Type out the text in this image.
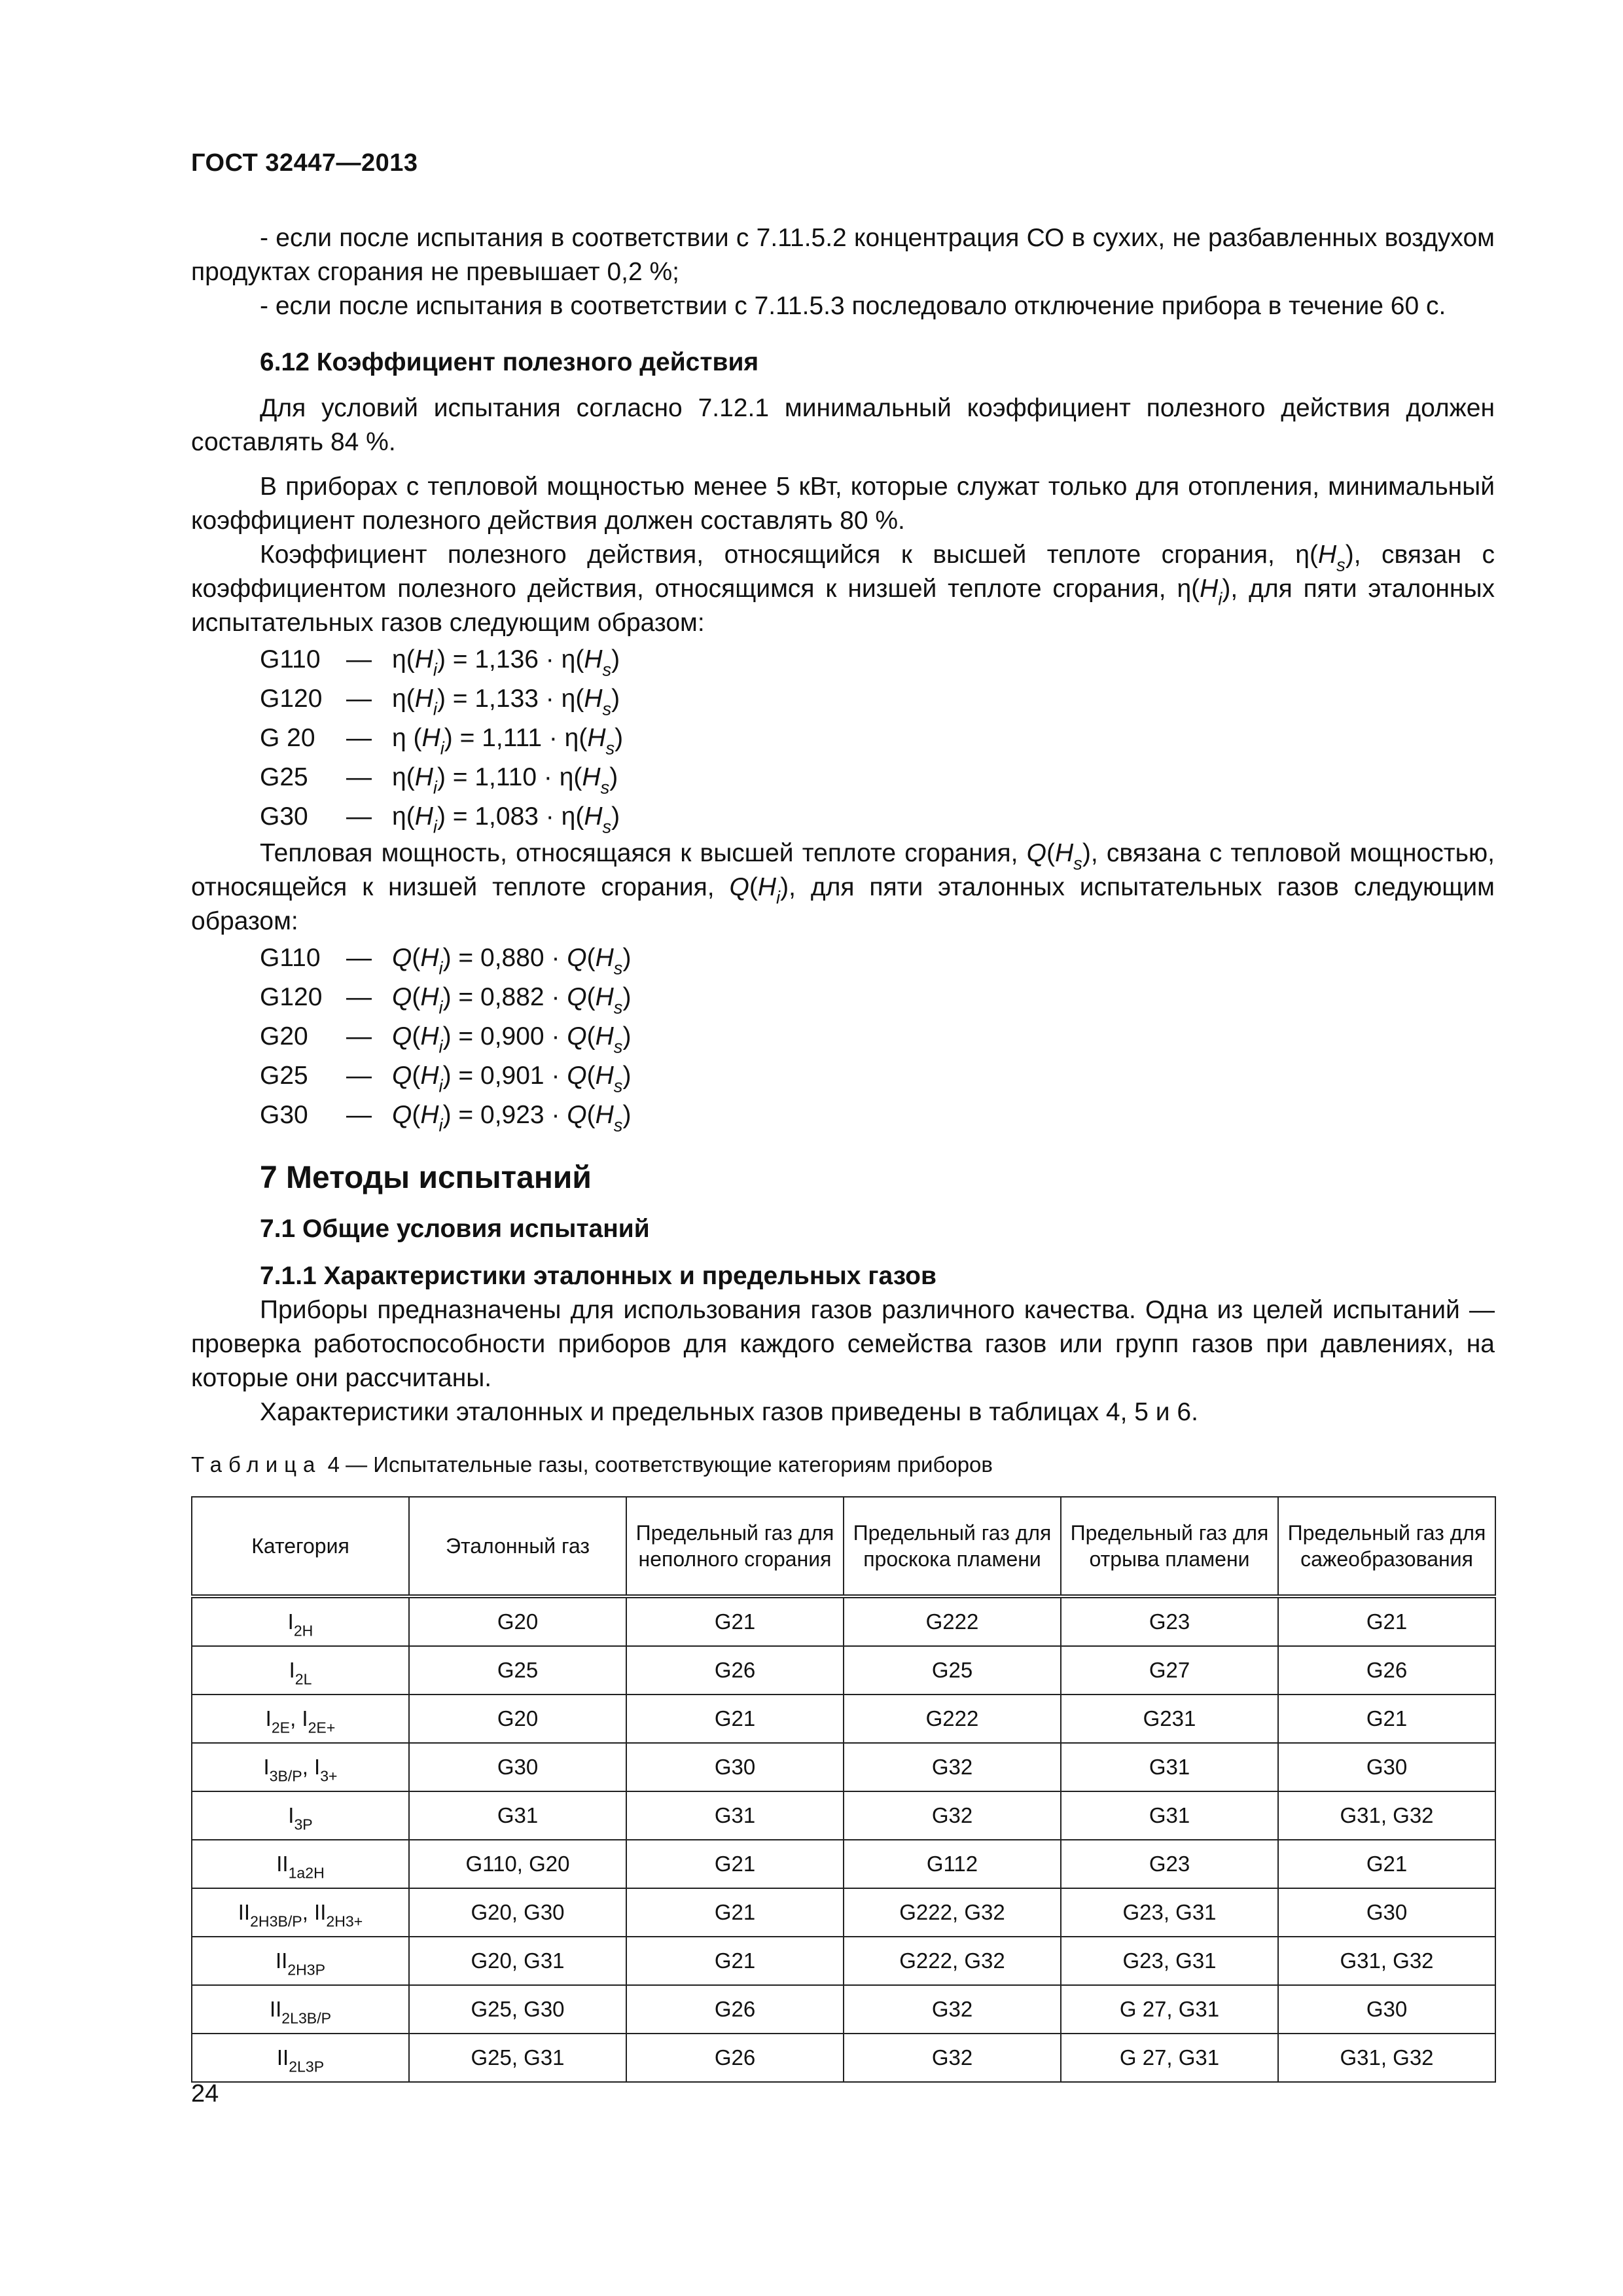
ГОСТ 32447—2013

- если после испытания в соответствии с 7.11.5.2 концентрация СО в сухих, не разбавленных воздухом продуктах сгорания не превышает 0,2 %;

- если после испытания в соответствии с 7.11.5.3 последовало отключение прибора в течение 60 с.

6.12 Коэффициент полезного действия

Для условий испытания согласно 7.12.1 минимальный коэффициент полезного действия должен составлять 84 %.

В приборах с тепловой мощностью менее 5 кВт, которые служат только для отопления, минимальный коэффициент полезного действия должен составлять 80 %.

Коэффициент полезного действия, относящийся к высшей теплоте сгорания, $\eta(H_s)$, связан с коэффициентом полезного действия, относящимся к низшей теплоте сгорания, $\eta(H_i)$, для пяти эталонных испытательных газов следующим образом:

G110	— $\eta(H_i) = 1,136 \cdot \eta(H_s)$
G120 — $\eta(H_i) = 1,133 \cdot \eta(H_s)$
G 20	— η $(H_i) = 1,111 \cdot \eta(H_s)$
G25	— $\eta(H_i) = 1,110 \cdot \eta(H_s)$
G30	— $\eta(H_i) = 1,083 \cdot \eta(H_s)$

Тепловая мощность, относящаяся к высшей теплоте сгорания, $Q(H_s)$, связана с тепловой мощностью, относящейся к низшей теплоте сгорания, $Q(H_i)$, для пяти эталонных испытательных газов следующим образом:

G110	— $Q(H_i) = 0,880 \cdot Q(H_s)$
G120 — $Q(H_i) = 0,882 \cdot Q(H_s)$
G20	— $Q(H_i) = 0,900 \cdot Q(H_s)$
G25	— $Q(H_i) = 0,901 \cdot Q(H_s)$
G30	— $Q(H_i) = 0,923 \cdot Q(H_s)$
7 Методы испытаний
7.1 Общие условия испытаний
7.1.1 Характеристики эталонных и предельных газов

Приборы предназначены для использования газов различного качества. Одна из целей испытаний — проверка работоспособности приборов для каждого семейства газов или групп газов при давлениях, на которые они рассчитаны.

Характеристики эталонных и предельных газов приведены в таблицах 4, 5 и 6.

Таблица 4 — Испытательные газы, соответствующие категориям приборов
Категория	Эталонный газ	Предельный газ для неполного сгорания	Предельный газ для проскока пламени	Предельный газ для отрыва пламени	Предельный газ для сажеобразования
$I_{2H}$	G20	G21	G222	G23	G21
$I_{2L}$	G25	G26	G25	G27	G26
$I_{2E}$, $I_{2E+}$	G20	G21	G222	G231	G21
$I_{3B/P}$, $I_{3+}$	G30	G30	G32	G31	G30
$I_{3P}$	G31	G31	G32	G31	G31, G32
$II_{1a2H}$	G110, G20	G21	G112	G23	G21
$II_{2H3B/P}$, $II_{2H3+}$	G20, G30	G21	G222, G32	G23, G31	G30
$II_{2H3P}$	G20, G31	G21	G222, G32	G23, G31	G31, G32
$II_{2L3B/P}$	G25, G30	G26	G32	G 27, G31	G30
$II_{2L3P}$	G25, G31	G26	G32	G 27, G31	G31, G32
24
